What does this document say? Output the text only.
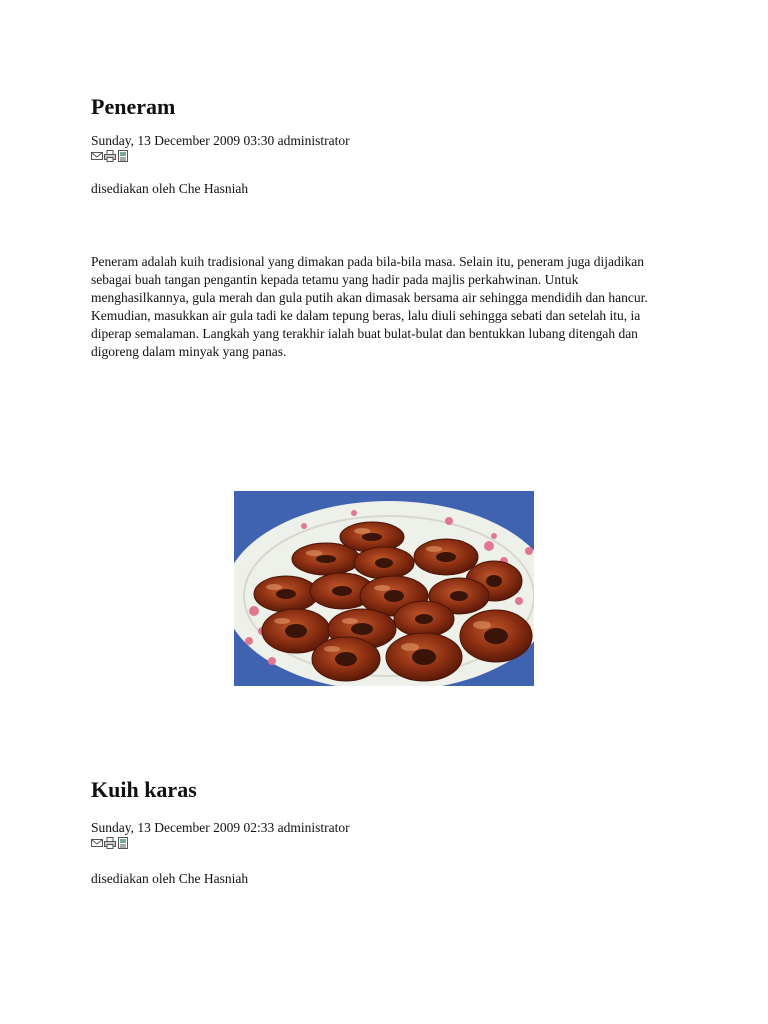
Peneram

Sunday, 13 December 2009 03:30 administrator

disediakan oleh Che Hasniah

Peneram adalah kuih tradisional yang dimakan pada bila-bila masa. Selain itu, peneram juga dijadikan sebagai buah tangan pengantin kepada tetamu yang hadir pada majlis perkahwinan. Untuk menghasilkannya, gula merah dan gula putih akan dimasak bersama air sehingga mendidih dan hancur. Kemudian, masukkan air gula tadi ke dalam tepung beras, lalu diuli sehingga sebati dan setelah itu, ia diperap semalaman. Langkah yang terakhir ialah buat bulat-bulat dan bentukkan lubang ditengah dan digoreng dalam minyak yang panas.

Kuih karas

Sunday, 13 December 2009 02:33 administrator

disediakan oleh Che Hasniah
